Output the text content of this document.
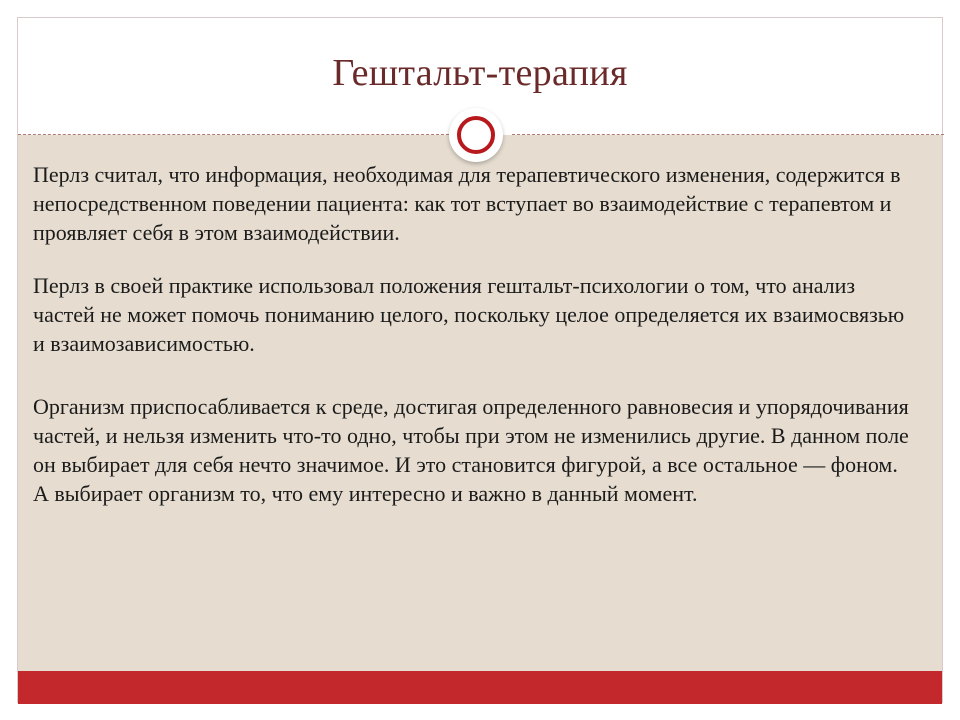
Гештальт-терапия

Перлз считал, что информация, необходимая для терапевтического изменения, содержится в непосредственном поведении пациента: как тот вступает во взаимодействие с терапевтом и проявляет себя в этом взаимодействии.

Перлз в своей практике использовал положения гештальт-психологии о том, что анализ частей не может помочь пониманию целого, поскольку целое определяется их взаимосвязью и взаимозависимостью.

Организм приспосабливается к среде, достигая определенного равновесия и упорядочивания частей, и нельзя изменить что-то одно, чтобы при этом не изменились другие. В данном поле он выбирает для себя нечто значимое. И это становится фигурой, а все остальное — фоном. А выбирает организм то, что ему интересно и важно в данный момент.
